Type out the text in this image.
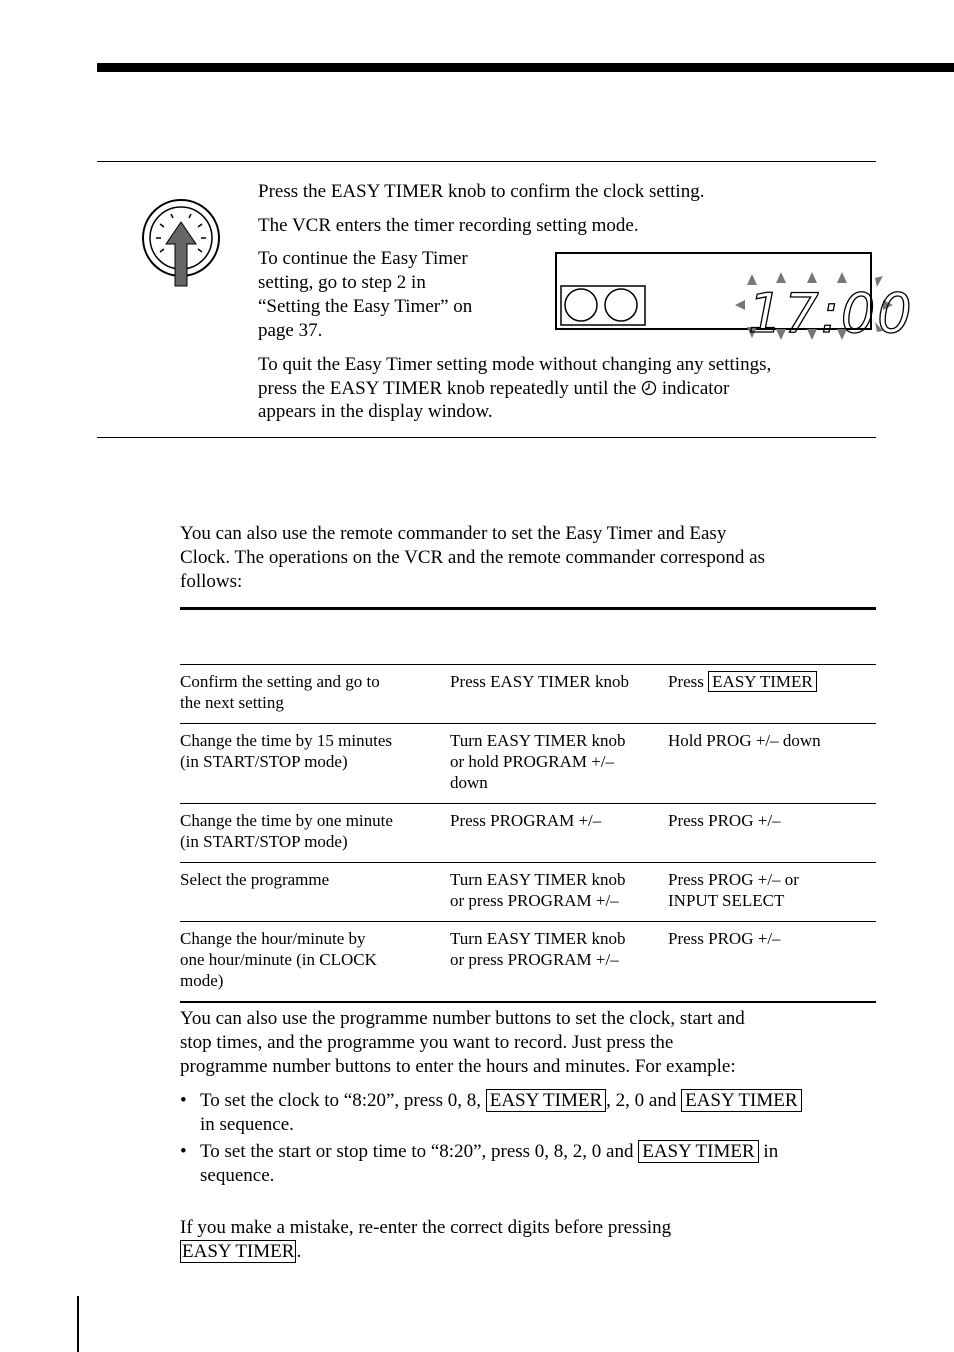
Press the EASY TIMER knob to confirm the clock setting.
The VCR enters the timer recording setting mode.
To continue the Easy Timer
setting, go to step 2 in
“Setting the Easy Timer” on
page 37.	17:00
To quit the Easy Timer setting mode without changing any settings,
press the EASY TIMER knob repeatedly until the indicator
appears in the display window.
You can also use the remote commander to set the Easy Timer and Easy
Clock. The operations on the VCR and the remote commander correspond as
follows:
Confirm the setting and go to
the next setting	Press EASY TIMER knob	Press EASY TIMER
Change the time by 15 minutes
(in START/STOP mode)	Turn EASY TIMER knob
or hold PROGRAM +/–
down	Hold PROG +/– down
Change the time by one minute
(in START/STOP mode)	Press PROGRAM +/–	Press PROG +/–
Select the programme	Turn EASY TIMER knob
or press PROGRAM +/–	Press PROG +/– or
INPUT SELECT
Change the hour/minute by
one hour/minute (in CLOCK
mode)	Turn EASY TIMER knob
or press PROGRAM +/–	Press PROG +/–
You can also use the programme number buttons to set the clock, start and
stop times, and the programme you want to record. Just press the
programme number buttons to enter the hours and minutes. For example:
• To set the clock to “8:20”, press 0, 8, EASY TIMER , 2, 0 and EASY TIMER
in sequence.
• To set the start or stop time to “8:20”, press 0, 8, 2, 0 and EASY TIMER in
sequence.
If you make a mistake, re-enter the correct digits before pressing
EASY TIMER .
